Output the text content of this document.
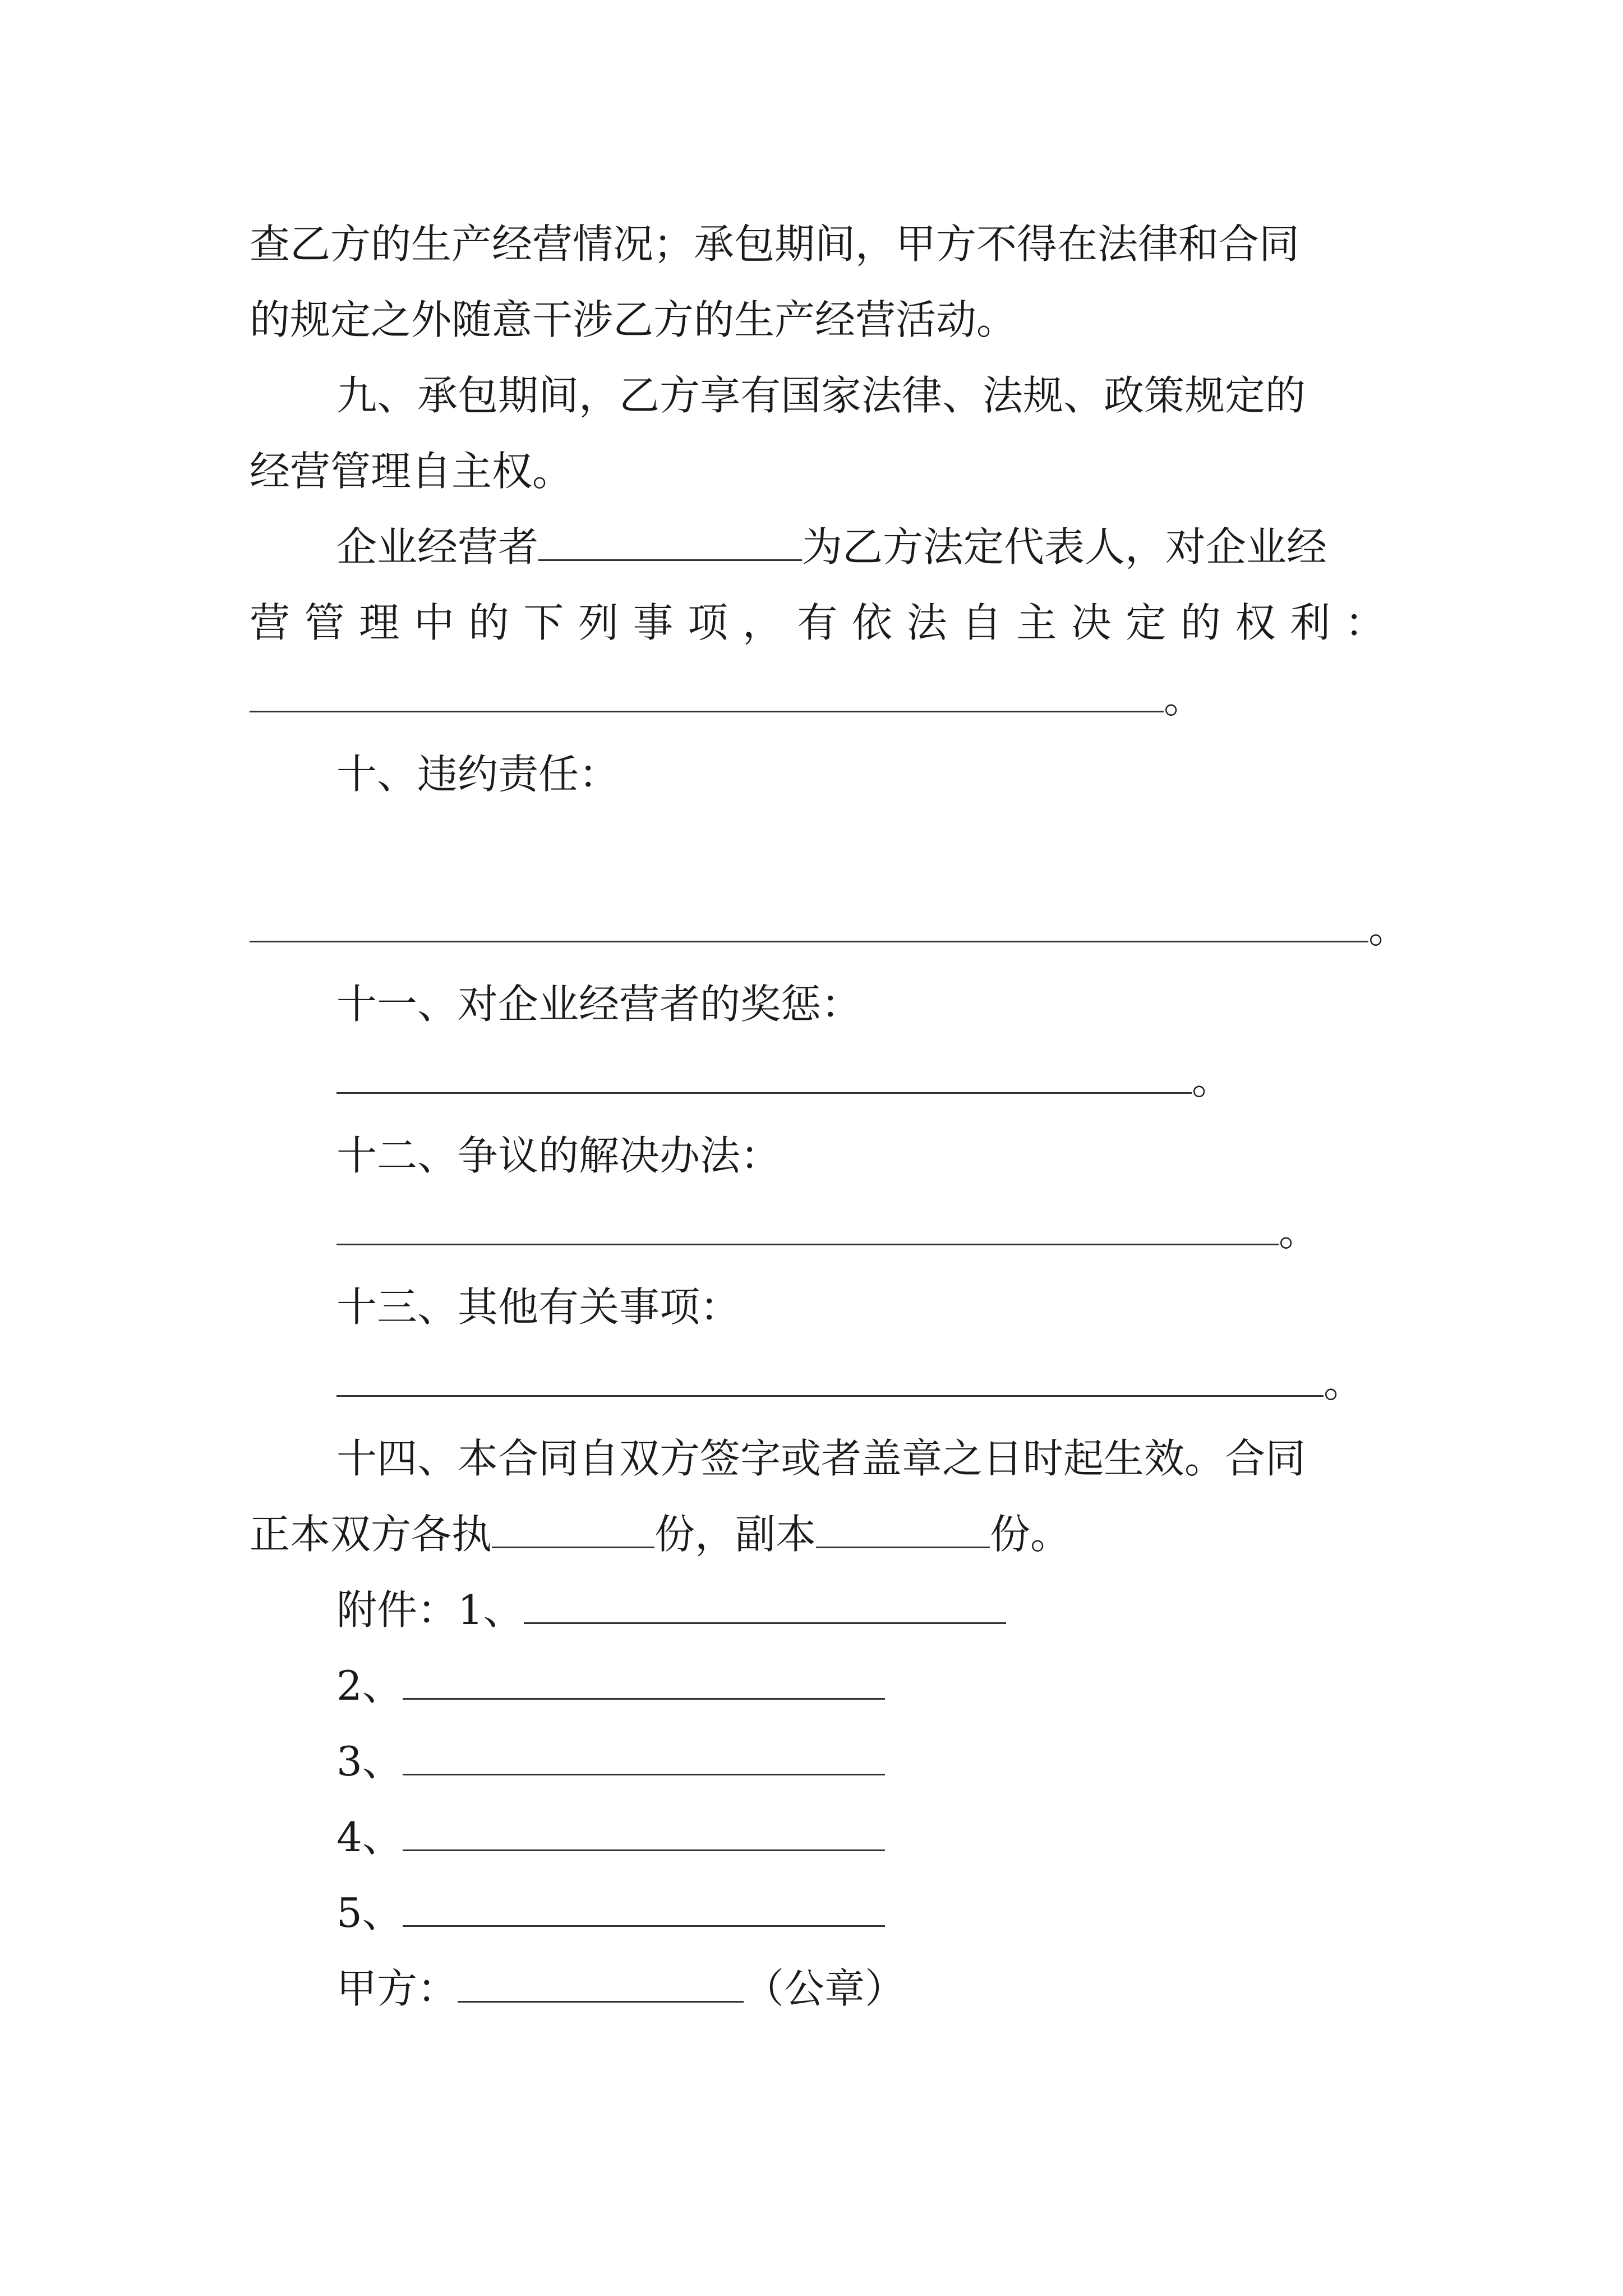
查乙方的生产经营情况；承包期间，甲方不得在法律和合同
的规定之外随意干涉乙方的生产经营活动。
九、承包期间，乙方享有国家法律、法规、政策规定的
经营管理自主权。
企业经营者	为乙方法定代表人，对企业经
营 管 理 中 的 下 列 事 项 ， 有 依 法 自 主 决 定 的 权 利 ：
。
十、违约责任：
。
十一、对企业经营者的奖惩：
。
十二、争议的解决办法：
。
十三、其他有关事项：
。
十四、本合同自双方签字或者盖章之日时起生效。合同
正本双方各执	份，副本	份。
附件：1、
2、
3、
4、
5、
甲方：	（公章）
